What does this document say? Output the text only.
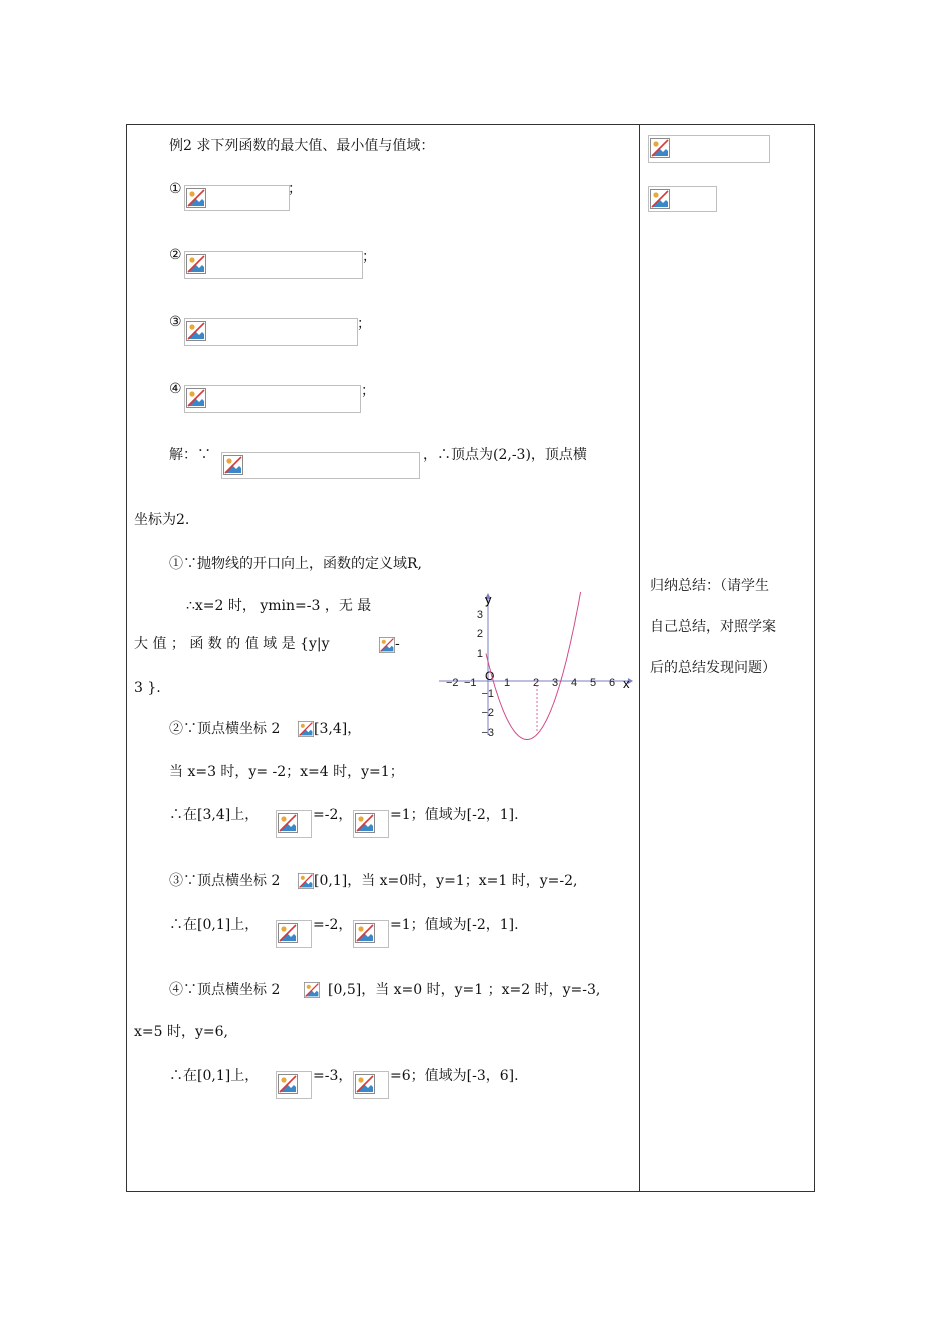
例2 求下列函数的最大值、最小值与值域：
①	；
②	；
③	；
④	；
解：∵	，∴顶点为(2,-3)，顶点横
坐标为2.
①∵抛物线的开口向上，函数的定义域R,
∴x=2 时， ymin=-3 ，无 最
大 值 ； 函 数 的 值 域 是 {y|y	-
3 }.
y
x
O
−2 −1 1 2 3 4 5 6
3
2
1
−1
−2
−3
②∵顶点横坐标 2 [3,4]，
当 x=3 时，y= -2；x=4 时，y=1；
∴在[3,4]上，	=-2，	=1；值域为[-2，1].
③∵顶点横坐标 2 [0,1]，当 x=0时，y=1；x=1 时，y=-2,
∴在[0,1]上，	=-2，	=1；值域为[-2，1].
④∵顶点横坐标 2	[0,5]，当 x=0 时，y=1 ；x=2 时，y=-3,
x=5 时，y=6,
∴在[0,1]上，	=-3，	=6；值域为[-3，6].
归纳总结：（请学生
自己总结，对照学案
后的总结发现问题）
